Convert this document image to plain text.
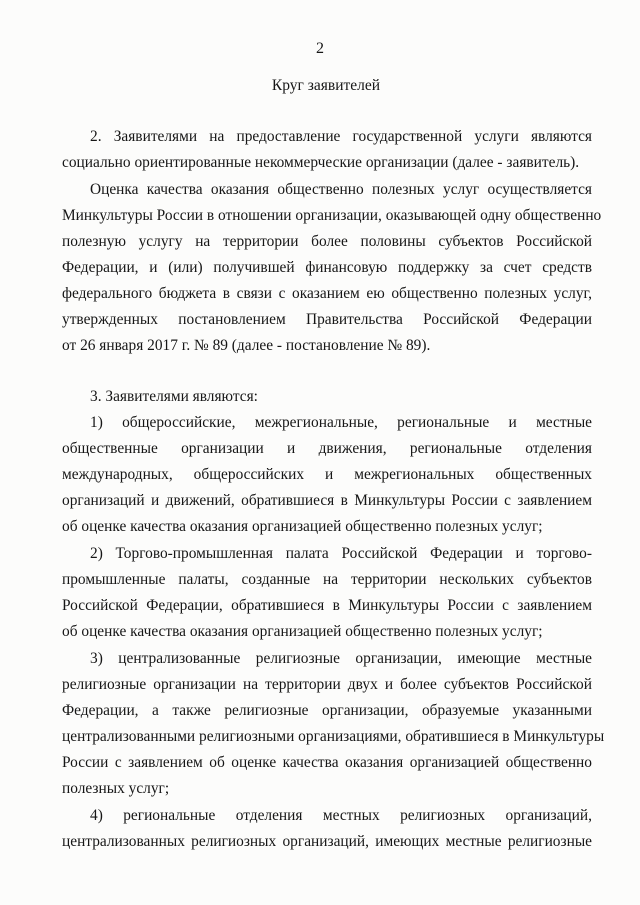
2
Круг заявителей
2. Заявителями на предоставление государственной услуги являются
социально ориентированные некоммерческие организации (далее - заявитель).
Оценка качества оказания общественно полезных услуг осуществляется
Минкультуры России в отношении организации, оказывающей одну общественно
полезную услугу на территории более половины субъектов Российской
Федерации, и (или) получившей финансовую поддержку за счет средств
федерального бюджета в связи с оказанием ею общественно полезных услуг,
утвержденных постановлением Правительства Российской Федерации
от 26 января 2017 г. № 89 (далее - постановление № 89).
3. Заявителями являются:
1) общероссийские, межрегиональные, региональные и местные
общественные организации и движения, региональные отделения
международных, общероссийских и межрегиональных общественных
организаций и движений, обратившиеся в Минкультуры России с заявлением
об оценке качества оказания организацией общественно полезных услуг;
2) Торгово-промышленная палата Российской Федерации и торгово-
промышленные палаты, созданные на территории нескольких субъектов
Российской Федерации, обратившиеся в Минкультуры России с заявлением
об оценке качества оказания организацией общественно полезных услуг;
3) централизованные религиозные организации, имеющие местные
религиозные организации на территории двух и более субъектов Российской
Федерации, а также религиозные организации, образуемые указанными
централизованными религиозными организациями, обратившиеся в Минкультуры
России с заявлением об оценке качества оказания организацией общественно
полезных услуг;
4) региональные отделения местных религиозных организаций,
централизованных религиозных организаций, имеющих местные религиозные
